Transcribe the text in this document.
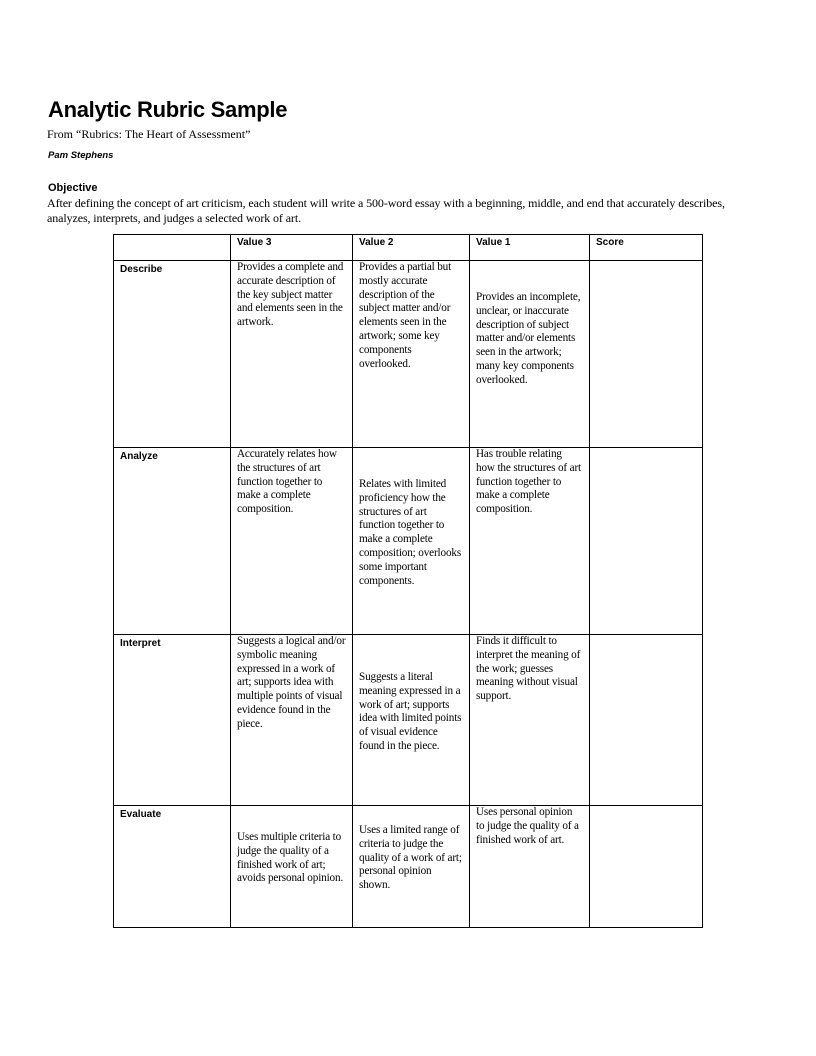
Analytic Rubric Sample
From “Rubrics: The Heart of Assessment”
Pam Stephens
Objective
After defining the concept of art criticism, each student will write a 500-word essay with a beginning, middle, and end that accurately describes, analyzes, interprets, and judges a selected work of art.

	Value 3	Value 2	Value 1	Score

Describe	Provides a complete and accurate description of the key subject matter and elements seen in the artwork.	Provides a partial but mostly accurate description of the subject matter and/or elements seen in the artwork; some key components overlooked.	Provides an incomplete, unclear, or inaccurate description of subject matter and/or elements seen in the artwork; many key components overlooked.	

Analyze	Accurately relates how the structures of art function together to make a complete composition.	Relates with limited proficiency how the structures of art function together to make a complete composition; overlooks some important components.	Has trouble relating how the structures of art function together to make a complete composition.	

Interpret	Suggests a logical and/or symbolic meaning expressed in a work of art; supports idea with multiple points of visual evidence found in the piece.	Suggests a literal meaning expressed in a work of art; supports idea with limited points of visual evidence found in the piece.	Finds it difficult to interpret the meaning of the work; guesses meaning without visual support.	

Evaluate	Uses multiple criteria to judge the quality of a finished work of art; avoids personal opinion.	Uses a limited range of criteria to judge the quality of a work of art; personal opinion shown.	Uses personal opinion to judge the quality of a finished work of art.	
